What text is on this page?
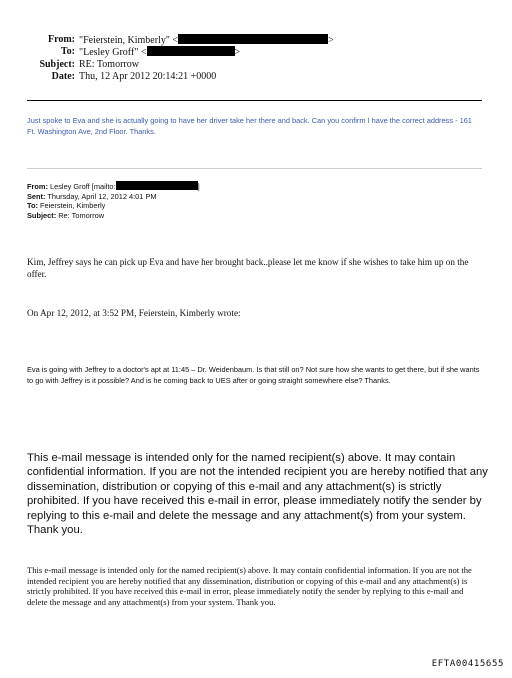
From: "Feierstein, Kimberly" <	>
To: "Lesley Groff" <	>
Subject: RE: Tomorrow
Date: Thu, 12 Apr 2012 20:14:21 +0000
Just spoke to Eva and she is actually going to have her driver take her there and back. Can you confirm I have the correct address - 161 Ft. Washington Ave, 2nd Floor. Thanks.
From: Lesley Groff [mailto:	]
Sent: Thursday, April 12, 2012 4:01 PM
To: Feierstein, Kimberly
Subject: Re: Tomorrow
Kim, Jeffrey says he can pick up Eva and have her brought back..please let me know if she wishes to take him up on the offer.
On Apr 12, 2012, at 3:52 PM, Feierstein, Kimberly wrote:
Eva is going with Jeffrey to a doctor's apt at 11:45 – Dr. Weidenbaum. Is that still on? Not sure how she wants to get there, but if she wants to go with Jeffrey is it possible? And is he coming back to UES after or going straight somewhere else? Thanks.
This e-mail message is intended only for the named recipient(s) above. It may contain confidential information. If you are not the intended recipient you are hereby notified that any dissemination, distribution or copying of this e-mail and any attachment(s) is strictly prohibited. If you have received this e-mail in error, please immediately notify the sender by replying to this e-mail and delete the message and any attachment(s) from your system. Thank you.
This e-mail message is intended only for the named recipient(s) above. It may contain confidential information. If you are not the intended recipient you are hereby notified that any dissemination, distribution or copying of this e-mail and any attachment(s) is strictly prohibited. If you have received this e-mail in error, please immediately notify the sender by replying to this e-mail and delete the message and any attachment(s) from your system. Thank you.
EFTA00415655
